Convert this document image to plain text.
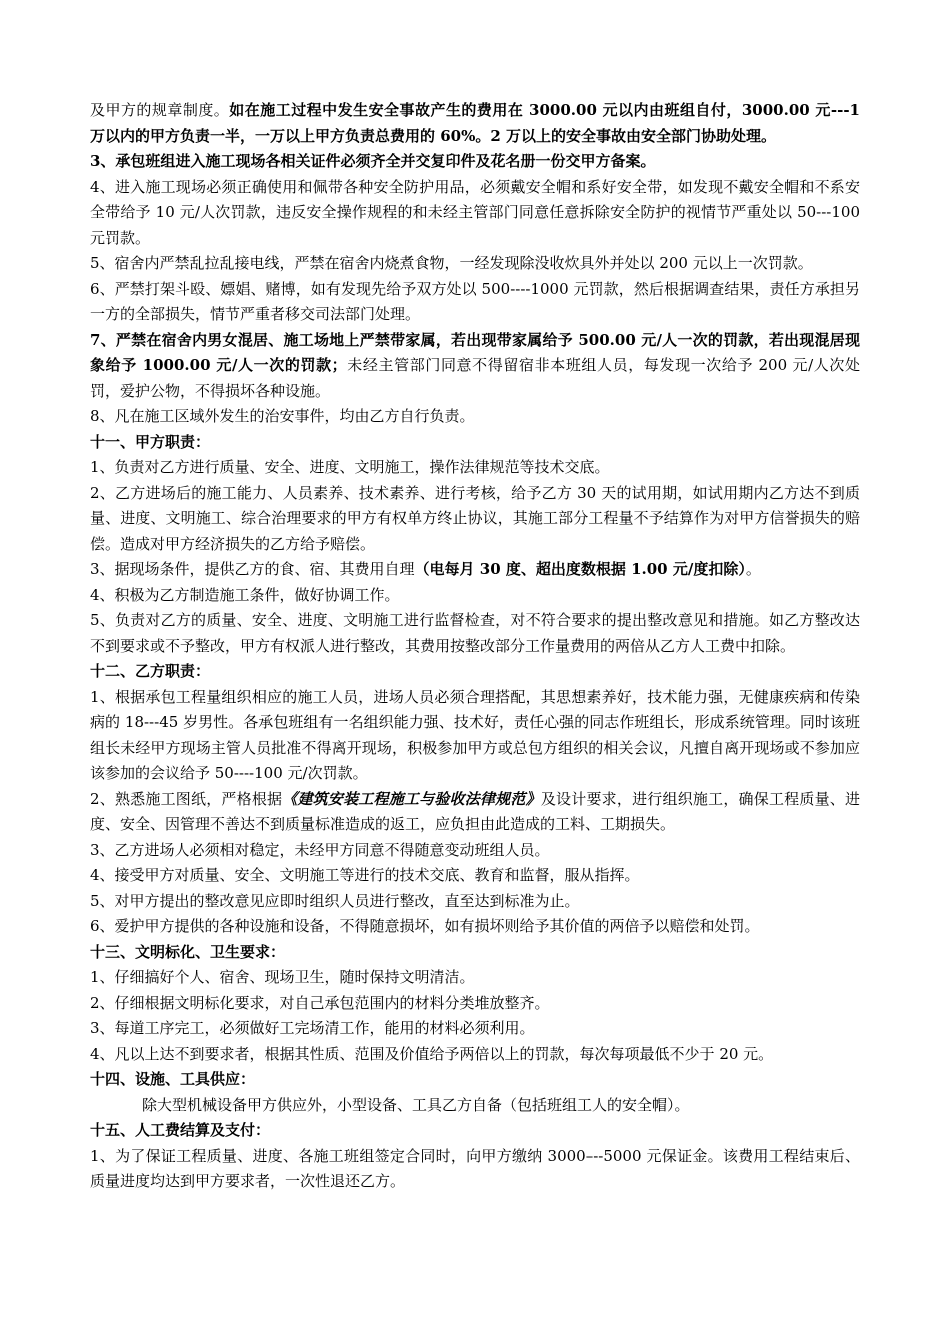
及甲方的规章制度。如在施工过程中发生安全事故产生的费用在 3000.00 元以内由班组自付，3000.00 元---1 万以内的甲方负责一半，一万以上甲方负责总费用的 60%。2 万以上的安全事故由安全部门协助处理。

3、承包班组进入施工现场各相关证件必须齐全并交复印件及花名册一份交甲方备案。

4、进入施工现场必须正确使用和佩带各种安全防护用品，必须戴安全帽和系好安全带，如发现不戴安全帽和不系安全带给予 10 元/人次罚款，违反安全操作规程的和未经主管部门同意任意拆除安全防护的视情节严重处以 50---100 元罚款。

5、宿舍内严禁乱拉乱接电线，严禁在宿舍内烧煮食物，一经发现除没收炊具外并处以 200 元以上一次罚款。

6、严禁打架斗殴、嫖娼、赌博，如有发现先给予双方处以 500----1000 元罚款，然后根据调查结果，责任方承担另一方的全部损失，情节严重者移交司法部门处理。

7、严禁在宿舍内男女混居、施工场地上严禁带家属，若出现带家属给予 500.00 元/人一次的罚款，若出现混居现象给予 1000.00 元/人一次的罚款；未经主管部门同意不得留宿非本班组人员，每发现一次给予 200 元/人次处罚，爱护公物，不得损坏各种设施。

8、凡在施工区域外发生的治安事件，均由乙方自行负责。

十一、甲方职责：

1、负责对乙方进行质量、安全、进度、文明施工，操作法律规范等技术交底。

2、乙方进场后的施工能力、人员素养、技术素养、进行考核，给予乙方 30 天的试用期，如试用期内乙方达不到质量、进度、文明施工、综合治理要求的甲方有权单方终止协议，其施工部分工程量不予结算作为对甲方信誉损失的赔偿。造成对甲方经济损失的乙方给予赔偿。

3、据现场条件，提供乙方的食、宿、其费用自理（电每月 30 度、超出度数根据 1.00 元/度扣除）。

4、积极为乙方制造施工条件，做好协调工作。

5、负责对乙方的质量、安全、进度、文明施工进行监督检查，对不符合要求的提出整改意见和措施。如乙方整改达不到要求或不予整改，甲方有权派人进行整改，其费用按整改部分工作量费用的两倍从乙方人工费中扣除。

十二、乙方职责：

1、根据承包工程量组织相应的施工人员，进场人员必须合理搭配，其思想素养好，技术能力强，无健康疾病和传染病的 18---45 岁男性。各承包班组有一名组织能力强、技术好，责任心强的同志作班组长，形成系统管理。同时该班组长未经甲方现场主管人员批准不得离开现场，积极参加甲方或总包方组织的相关会议，凡擅自离开现场或不参加应该参加的会议给予 50----100 元/次罚款。

2、熟悉施工图纸，严格根据《建筑安装工程施工与验收法律规范》及设计要求，进行组织施工，确保工程质量、进度、安全、因管理不善达不到质量标准造成的返工，应负担由此造成的工料、工期损失。

3、乙方进场人必须相对稳定，未经甲方同意不得随意变动班组人员。

4、接受甲方对质量、安全、文明施工等进行的技术交底、教育和监督，服从指挥。

5、对甲方提出的整改意见应即时组织人员进行整改，直至达到标准为止。

6、爱护甲方提供的各种设施和设备，不得随意损坏，如有损坏则给予其价值的两倍予以赔偿和处罚。

十三、文明标化、卫生要求：

1、仔细搞好个人、宿舍、现场卫生，随时保持文明清洁。

2、仔细根据文明标化要求，对自己承包范围内的材料分类堆放整齐。

3、每道工序完工，必须做好工完场清工作，能用的材料必须利用。

4、凡以上达不到要求者，根据其性质、范围及价值给予两倍以上的罚款，每次每项最低不少于 20 元。

十四、设施、工具供应：

除大型机械设备甲方供应外，小型设备、工具乙方自备（包括班组工人的安全帽）。

十五、人工费结算及支付：

1、为了保证工程质量、进度、各施工班组签定合同时，向甲方缴纳 3000–--5000 元保证金。该费用工程结束后、质量进度均达到甲方要求者，一次性退还乙方。
